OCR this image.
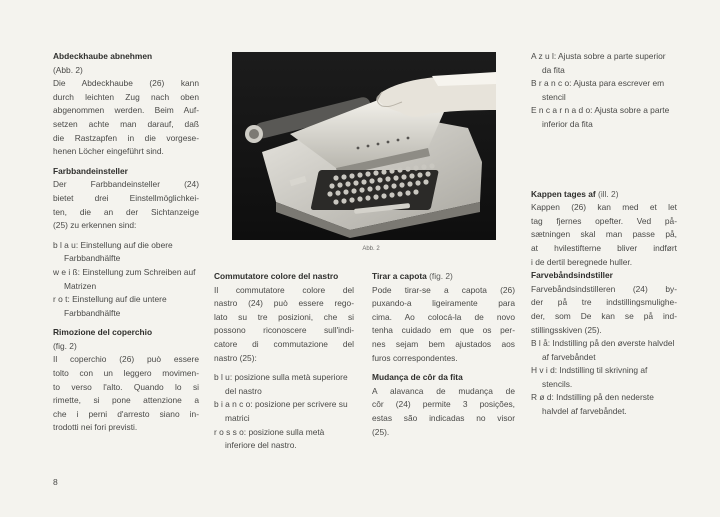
Abdeckhaube abnehmen

(Abb. 2)

Die Abdeckhaube (26) kann

durch leichten Zug nach oben

abgenommen werden. Beim Auf-

setzen achte man darauf, daß

die Rastzapfen in die vorgese-

henen Löcher eingeführt sind.

Farbbandeinsteller

Der Farbbandeinsteller (24)

bietet drei Einstellmöglichkei-

ten, die an der Sichtanzeige

(25) zu erkennen sind:

b l a u: Einstellung auf die obere Farbbandhälfte

w e i ß: Einstellung zum Schreiben auf Matrizen

r o t: Einstellung auf die untere Farbbandhälfte

Rimozione del coperchio

(fig. 2)

Il coperchio (26) può essere

tolto con un leggero movimen-

to verso l'alto. Quando lo si

rimette, si pone attenzione a

che i perni d'arresto siano in-

trodotti nei fori previsti.

Abb. 2

Commutatore colore del nastro

Il commutatore colore del

nastro (24) può essere rego-

lato su tre posizioni, che si

possono riconoscere sull'indi-

catore di commutazione del

nastro (25):

b l u: posizione sulla metà superiore del nastro

b i a n c o: posizione per scrivere su matrici

r o s s o: posizione sulla metà inferiore del nastro.

Tirar a capota (fig. 2)

Pode tirar-se a capota (26)

puxando-a ligeiramente para

cima. Ao colocá-la de novo

tenha cuidado em que os per-

nes sejam bem ajustados aos

furos correspondentes.

Mudança de côr da fita

A alavanca de mudança de

côr (24) permite 3 posições,

estas são indicadas no visor

(25).

A z u l: Ajusta sobre a parte superior da fita

B r a n c o: Ajusta para escrever em stencil

E n c a r n a d o: Ajusta sobre a parte inferior da fita

Kappen tages af (ill. 2)

Kappen (26) kan med et let

tag fjernes opefter. Ved på-

sætningen skal man passe på,

at hvilestifterne bliver indført

i de dertil beregnede huller.

Farvebåndsindstiller

Farvebåndsindstilleren (24) by-

der på tre indstillingsmulighe-

der, som De kan se på ind-

stillingsskiven (25).

B l å: Indstilling på den øverste halvdel af farvebåndet

H v i d: Indstilling til skrivning af stencils.

R ø d: Indstilling på den nederste halvdel af farvebåndet.

8
